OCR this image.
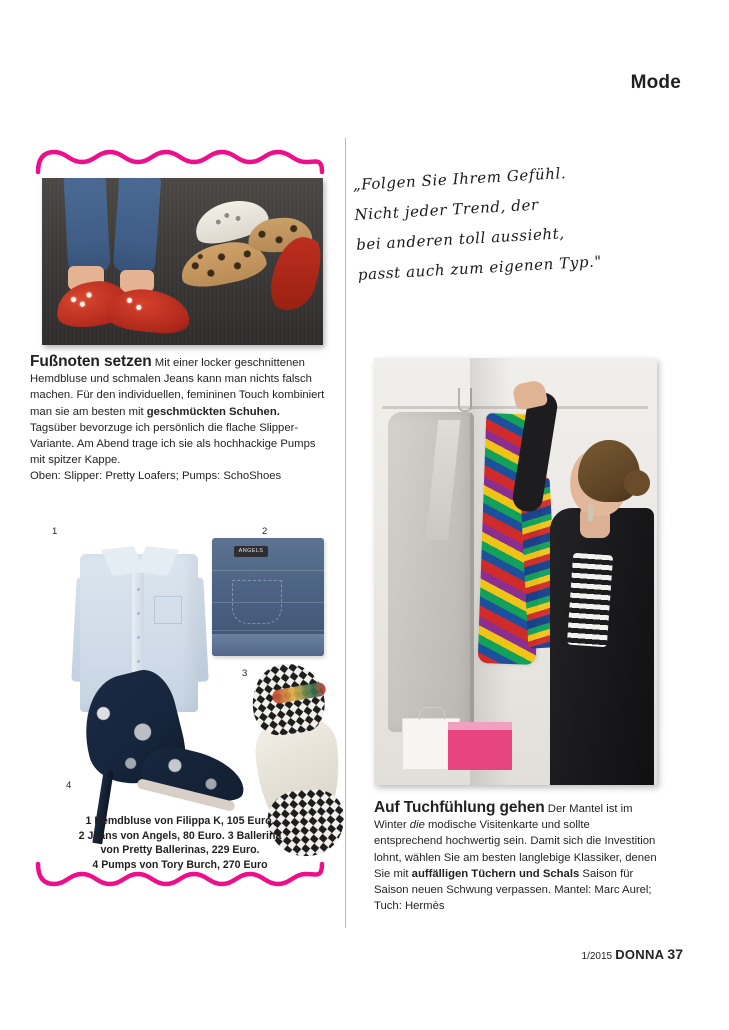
Mode
Fußnoten setzen Mit einer locker geschnittenen Hemdbluse und schmalen Jeans kann man nichts falsch machen. Für den individuellen, femininen Touch kombiniert man sie am besten mit geschmückten Schuhen. Tagsüber bevorzuge ich persönlich die flache Slipper-Variante. Am Abend trage ich sie als hochhackige Pumps mit spitzer Kappe.
Oben: Slipper: Pretty Loafers; Pumps: SchoShoes
1	2
3
4
ANGELS
1 Hemdbluse von Filippa K, 105 Euro.
2 Jeans von Angels, 80 Euro. 3 Ballerina
von Pretty Ballerinas, 229 Euro.
4 Pumps von Tory Burch, 270 Euro
„Folgen Sie Ihrem Gefühl.
Nicht jeder Trend, der
bei anderen toll aussieht,
passt auch zum eigenen Typ."
Auf Tuchfühlung gehen Der Mantel ist im Winter die modische Visitenkarte und sollte entsprechend hochwertig sein. Damit sich die Investition lohnt, wählen Sie am besten langlebige Klassiker, denen Sie mit auffälligen Tüchern und Schals Saison für Saison neuen Schwung verpassen. Mantel: Marc Aurel; Tuch: Hermès
1/2015 DONNA 37
